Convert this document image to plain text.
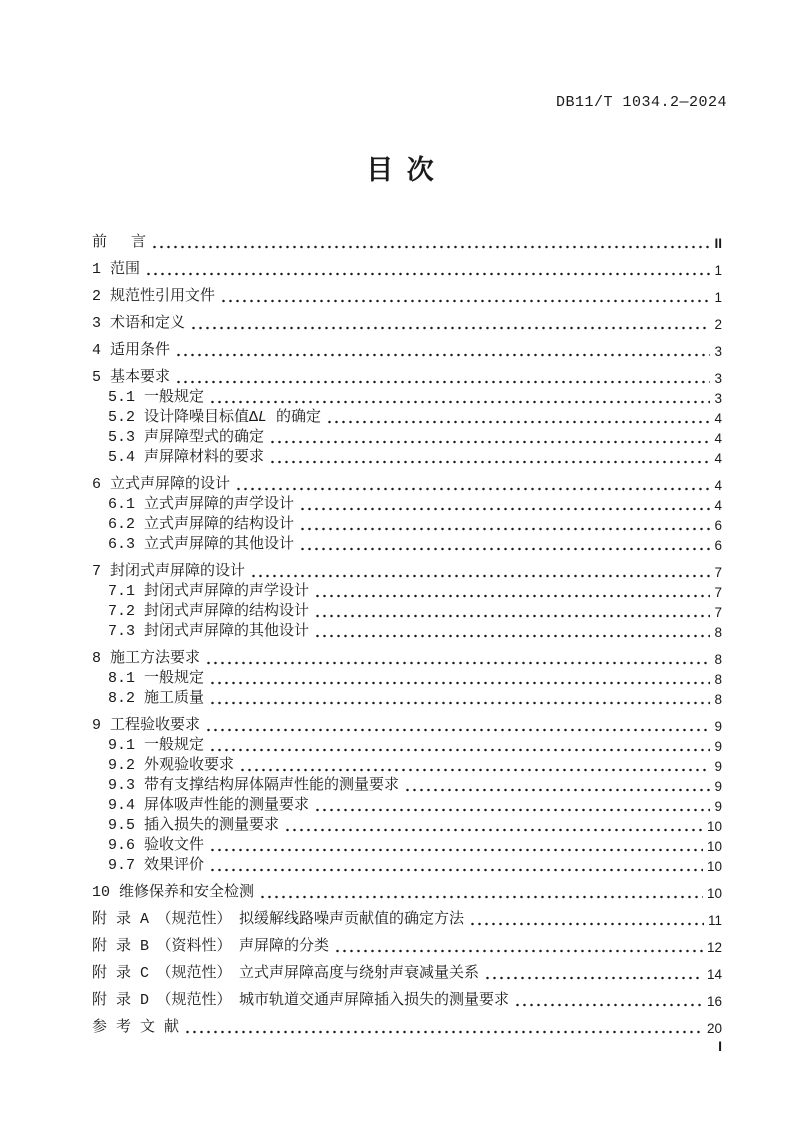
DB11/T 1034.2—2024
目 次
前　 言	II
1 范围	1
2 规范性引用文件	1
3 术语和定义	2
4 适用条件	3
5 基本要求	3
5.1 一般规定	3
5.2 设计降噪目标值ΔL 的确定	4
5.3 声屏障型式的确定	4
5.4 声屏障材料的要求	4
6 立式声屏障的设计	4
6.1 立式声屏障的声学设计	4
6.2 立式声屏障的结构设计	6
6.3 立式声屏障的其他设计	6
7 封闭式声屏障的设计	7
7.1 封闭式声屏障的声学设计	7
7.2 封闭式声屏障的结构设计	7
7.3 封闭式声屏障的其他设计	8
8 施工方法要求	8
8.1 一般规定	8
8.2 施工质量	8
9 工程验收要求	9
9.1 一般规定	9
9.2 外观验收要求	9
9.3 带有支撑结构屏体隔声性能的测量要求	9
9.4 屏体吸声性能的测量要求	9
9.5 插入损失的测量要求	10
9.6 验收文件	10
9.7 效果评价	10
10 维修保养和安全检测	10
附 录 A　（规范性）　拟缓解线路噪声贡献值的确定方法	11
附 录 B　（资料性）　声屏障的分类	12
附 录 C　（规范性）　立式声屏障高度与绕射声衰减量关系	14
附 录 D　（规范性）　城市轨道交通声屏障插入损失的测量要求	16
参 考 文 献	20
I
